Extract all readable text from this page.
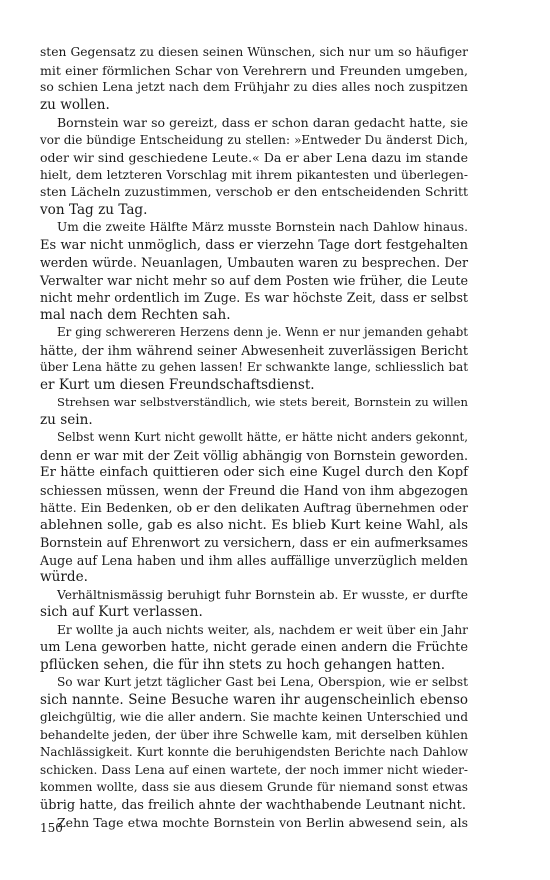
sten Gegensatz zu diesen seinen Wünschen, sich nur um so häufiger
mit einer förmlichen Schar von Verehrern und Freunden umgeben,
so schien Lena jetzt nach dem Frühjahr zu dies alles noch zuspitzen
zu wollen.
Bornstein war so gereizt, dass er schon daran gedacht hatte, sie
vor die bündige Entscheidung zu stellen: »Entweder Du änderst Dich,
oder wir sind geschiedene Leute.« Da er aber Lena dazu im stande
hielt, dem letzteren Vorschlag mit ihrem pikantesten und überlegen-
sten Lächeln zuzustimmen, verschob er den entscheidenden Schritt
von Tag zu Tag.
Um die zweite Hälfte März musste Bornstein nach Dahlow hinaus.
Es war nicht unmöglich, dass er vierzehn Tage dort festgehalten
werden würde. Neuanlagen, Umbauten waren zu besprechen. Der
Verwalter war nicht mehr so auf dem Posten wie früher, die Leute
nicht mehr ordentlich im Zuge. Es war höchste Zeit, dass er selbst
mal nach dem Rechten sah.
Er ging schwereren Herzens denn je. Wenn er nur jemanden gehabt
hätte, der ihm während seiner Abwesenheit zuverlässigen Bericht
über Lena hätte zu gehen lassen! Er schwankte lange, schliesslich bat
er Kurt um diesen Freundschaftsdienst.
Strehsen war selbstverständlich, wie stets bereit, Bornstein zu willen
zu sein.
Selbst wenn Kurt nicht gewollt hätte, er hätte nicht anders gekonnt,
denn er war mit der Zeit völlig abhängig von Bornstein geworden.
Er hätte einfach quittieren oder sich eine Kugel durch den Kopf
schiessen müssen, wenn der Freund die Hand von ihm abgezogen
hätte. Ein Bedenken, ob er den delikaten Auftrag übernehmen oder
ablehnen solle, gab es also nicht. Es blieb Kurt keine Wahl, als
Bornstein auf Ehrenwort zu versichern, dass er ein aufmerksames
Auge auf Lena haben und ihm alles auffällige unverzüglich melden
würde.
Verhältnismässig beruhigt fuhr Bornstein ab. Er wusste, er durfte
sich auf Kurt verlassen.
Er wollte ja auch nichts weiter, als, nachdem er weit über ein Jahr
um Lena geworben hatte, nicht gerade einen andern die Früchte
pflücken sehen, die für ihn stets zu hoch gehangen hatten.
So war Kurt jetzt täglicher Gast bei Lena, Oberspion, wie er selbst
sich nannte. Seine Besuche waren ihr augenscheinlich ebenso
gleichgültig, wie die aller andern. Sie machte keinen Unterschied und
behandelte jeden, der über ihre Schwelle kam, mit derselben kühlen
Nachlässigkeit. Kurt konnte die beruhigendsten Berichte nach Dahlow
schicken. Dass Lena auf einen wartete, der noch immer nicht wieder-
kommen wollte, dass sie aus diesem Grunde für niemand sonst etwas
übrig hatte, das freilich ahnte der wachthabende Leutnant nicht.
Zehn Tage etwa mochte Bornstein von Berlin abwesend sein, als
150
